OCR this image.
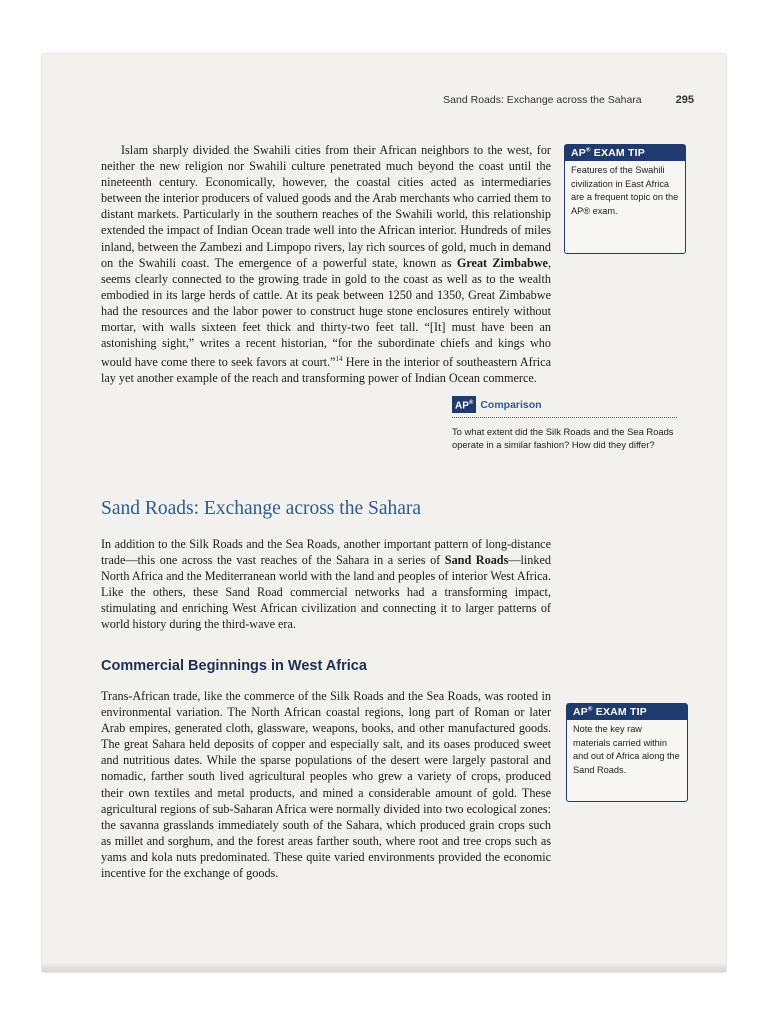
Sand Roads: Exchange across the Sahara	295

Islam sharply divided the Swahili cities from their African neighbors to the west, for neither the new religion nor Swahili culture penetrated much beyond the coast until the nineteenth century. Economically, however, the coastal cities acted as intermediaries between the interior producers of valued goods and the Arab merchants who carried them to distant markets. Particularly in the southern reaches of the Swahili world, this relationship extended the impact of Indian Ocean trade well into the African interior. Hundreds of miles inland, between the Zambezi and Limpopo rivers, lay rich sources of gold, much in demand on the Swahili coast. The emergence of a powerful state, known as Great Zimbabwe, seems clearly connected to the growing trade in gold to the coast as well as to the wealth embodied in its large herds of cattle. At its peak between 1250 and 1350, Great Zimbabwe had the resources and the labor power to construct huge stone enclosures entirely without mortar, with walls sixteen feet thick and thirty-two feet tall. “[It] must have been an astonishing sight,” writes a recent historian, “for the subordinate chiefs and kings who would have come there to seek favors at court.”$^{14}$ Here in the interior of southeastern Africa lay yet another example of the reach and transforming power of Indian Ocean commerce.

AP® EXAM TIP
Features of the Swahili civilization in East Africa are a frequent topic on the AP® exam.
AP® Comparison
To what extent did the Silk Roads and the Sea Roads operate in a similar fashion? How did they differ?
Sand Roads: Exchange across the Sahara

In addition to the Silk Roads and the Sea Roads, another important pattern of long-distance trade—this one across the vast reaches of the Sahara in a series of Sand Roads—linked North Africa and the Mediterranean world with the land and peoples of interior West Africa. Like the others, these Sand Road commercial networks had a transforming impact, stimulating and enriching West African civilization and connecting it to larger patterns of world history during the third-wave era.

Commercial Beginnings in West Africa

Trans-African trade, like the commerce of the Silk Roads and the Sea Roads, was rooted in environmental variation. The North African coastal regions, long part of Roman or later Arab empires, generated cloth, glassware, weapons, books, and other manufactured goods. The great Sahara held deposits of copper and especially salt, and its oases produced sweet and nutritious dates. While the sparse populations of the desert were largely pastoral and nomadic, farther south lived agricultural peoples who grew a variety of crops, produced their own textiles and metal products, and mined a considerable amount of gold. These agricultural regions of sub-Saharan Africa were normally divided into two ecological zones: the savanna grasslands immediately south of the Sahara, which produced grain crops such as millet and sorghum, and the forest areas farther south, where root and tree crops such as yams and kola nuts predominated. These quite varied environments provided the economic incentive for the exchange of goods.

AP® EXAM TIP
Note the key raw materials carried within and out of Africa along the Sand Roads.
